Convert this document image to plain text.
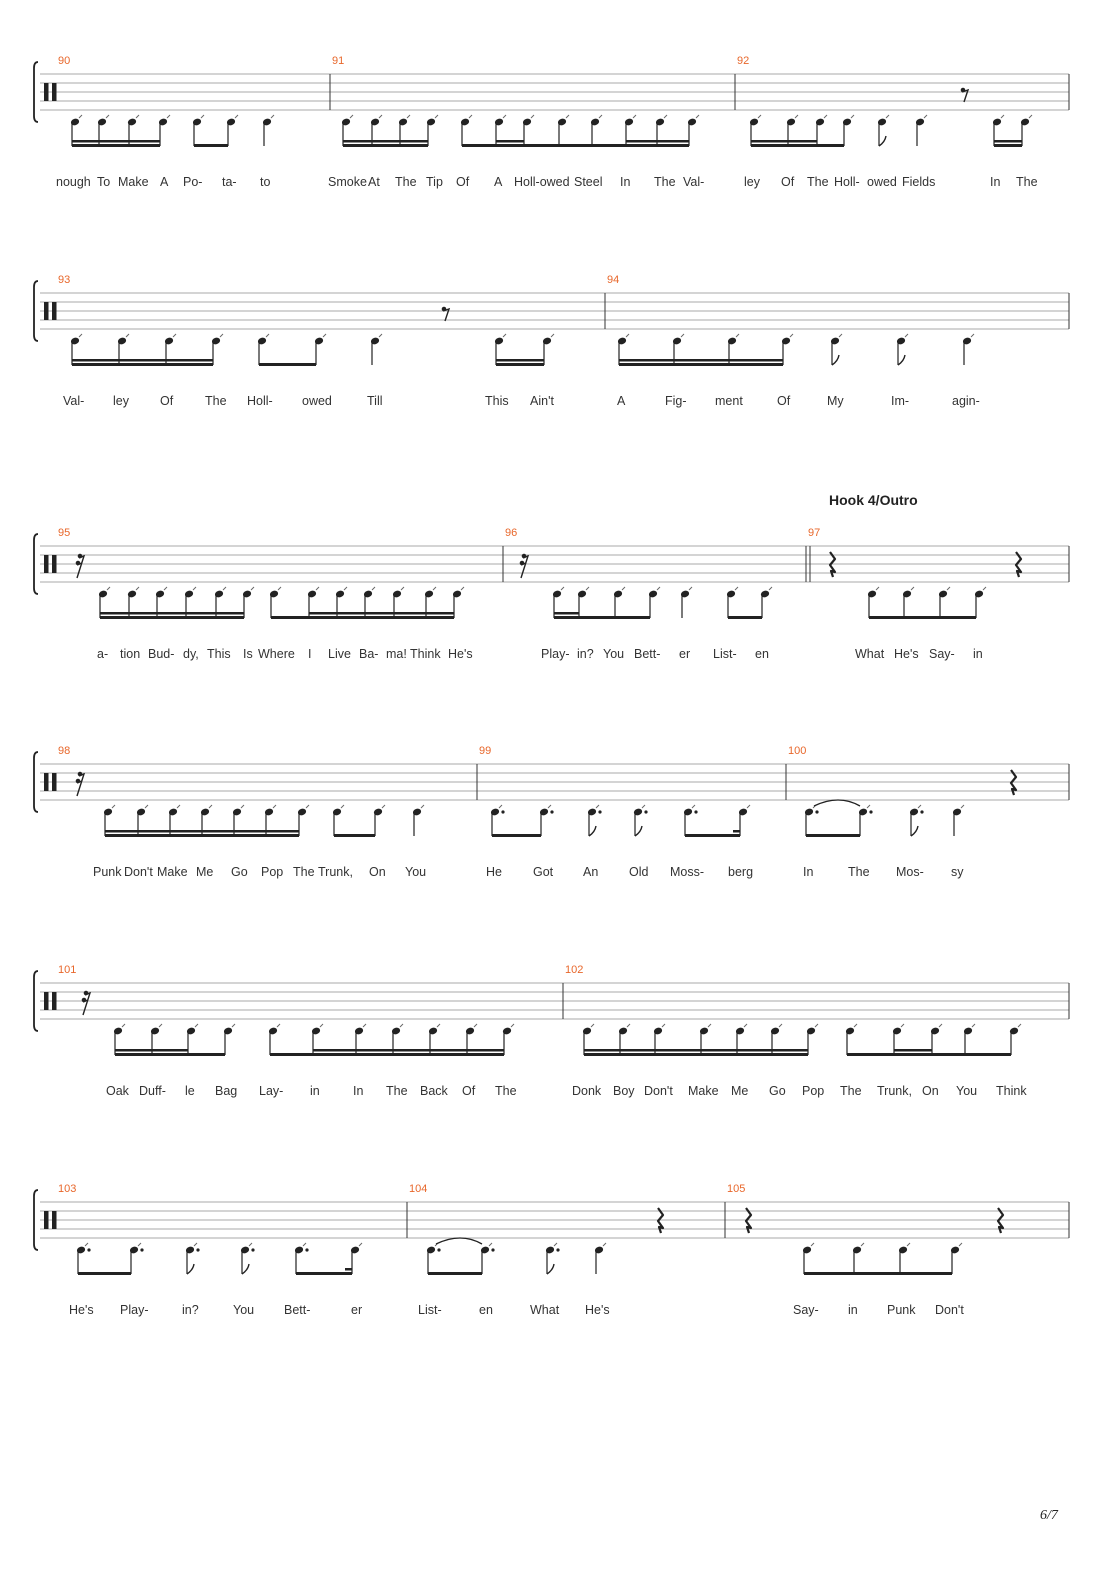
90
nough To Make A Po- ta- to
91
Smoke At The Tip Of A Holl-owed Steel In The Val-
92
ley Of The Holl- owed Fields	In The
93
Val- ley Of	The Holl- owed	Till	This Ain't
94
A	Fig- ment	Of	My	Im-	agin-
Hook 4/Outro
95
a- tion Bud- dy, This Is Where I Live Ba- ma! Think He's
96
Play- in? You Bett- er List- en
97
What He's Say- in
98
Punk Don't Make Me Go Pop The Trunk, On You
99
He Got An Old Moss- berg
100
In	The Mos- sy
101
Oak Duff- le Bag Lay- in	In The Back Of The
102
Donk Boy Don't Make Me Go Pop The Trunk, On You Think
103
He's Play-	in?	You Bett-	er
104
List-	en	What He's
105
Say- in Punk Don't
6/7
